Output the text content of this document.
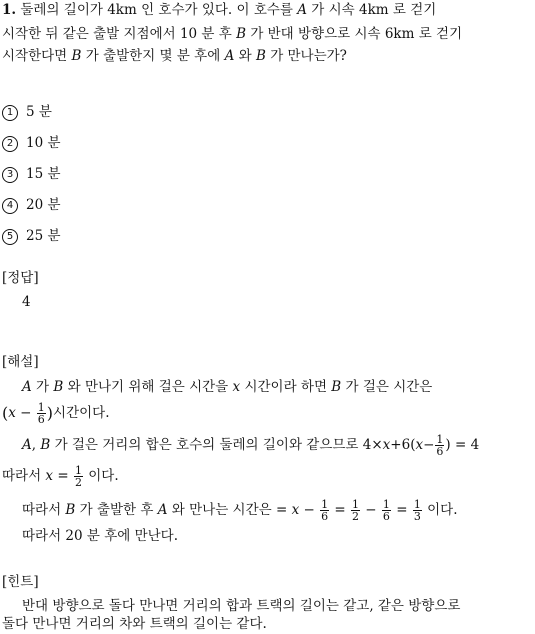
1. 둘레의 길이가 4km 인 호수가 있다. 이 호수를 A 가 시속 4km 로 걷기
시작한 뒤 같은 출발 지점에서 10 분 후 B 가 반대 방향으로 시속 6km 로 걷기
시작한다면 B 가 출발한지 몇 분 후에 A 와 B 가 만나는가?
1 5 분
2 10 분
3 15 분
4 20 분
5 25 분
[정답]
4
[해설]
A 가 B 와 만나기 위해 걸은 시간을 x 시간이라 하면 B 가 걸은 시간은
($x - \frac{1}{6}$ )시간이다.
A, B 가 걸은 거리의 합은 호수의 둘레의 길이와 같으므로 $4\times x+6(x- \frac{1}{6}$ ) = 4
따라서 $x = \frac{1}{2}$ 이다.
따라서 B 가 출발한 후 A 와 만나는 시간은 = $x - \frac{1}{6} = \frac{1}{2} - \frac{1}{6} = \frac{1}{3}$ 이다.
따라서 20 분 후에 만난다.
[힌트]
반대 방향으로 돌다 만나면 거리의 합과 트랙의 길이는 같고, 같은 방향으로
돌다 만나면 거리의 차와 트랙의 길이는 같다.
